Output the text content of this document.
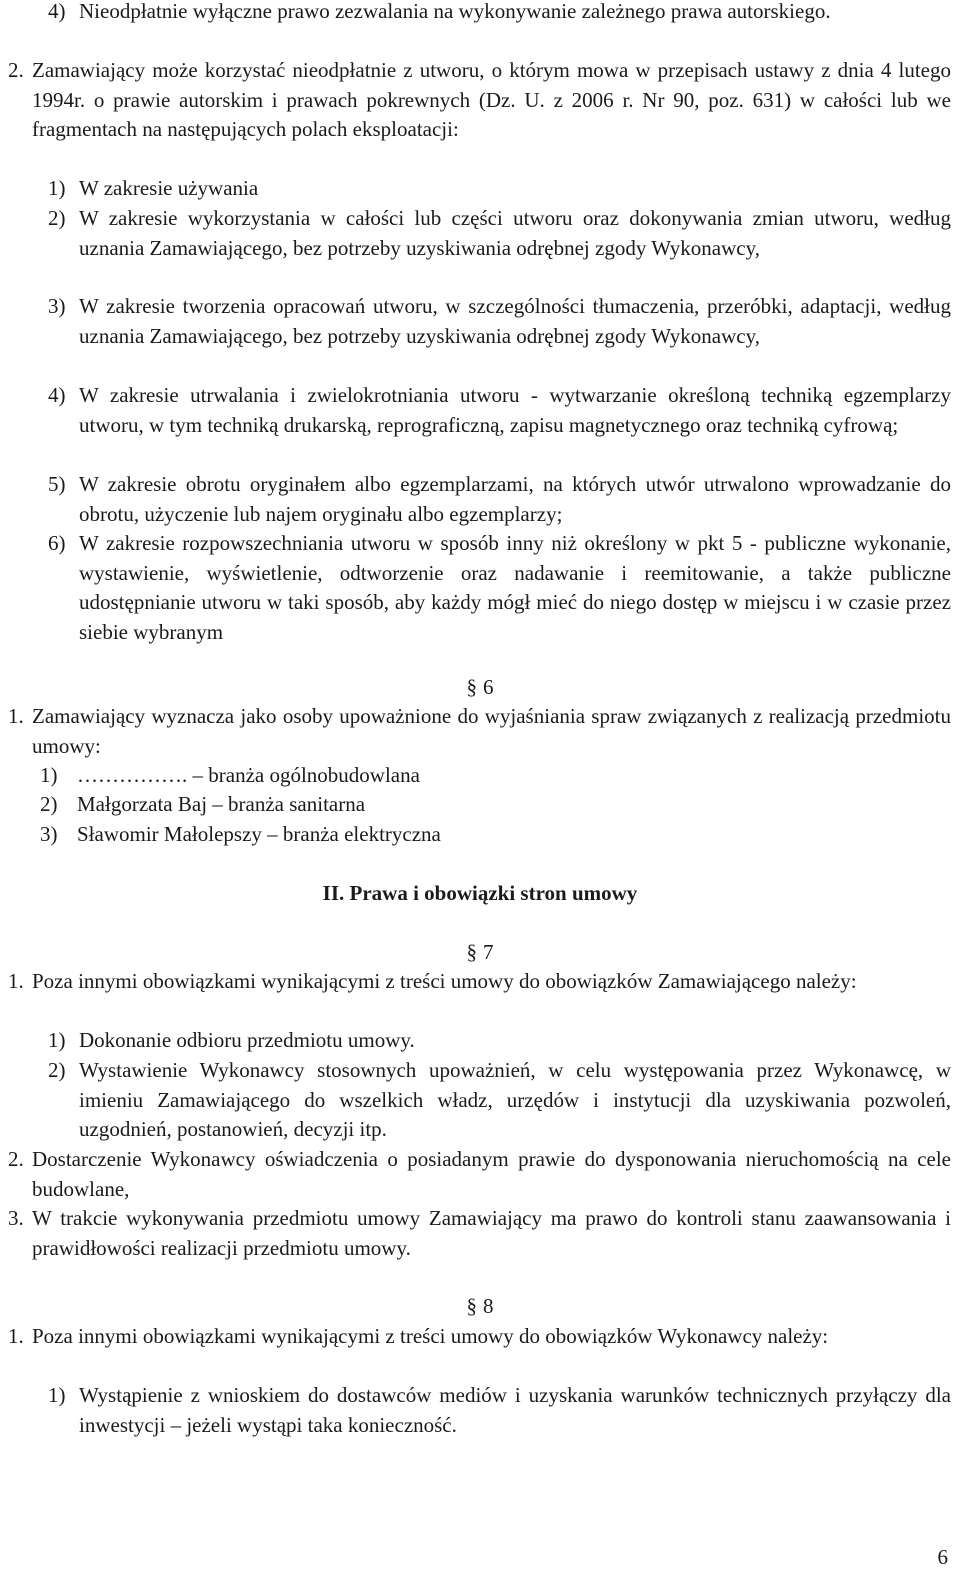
4) Nieodpłatnie wyłączne prawo zezwalania na wykonywanie zależnego prawa autorskiego.
2. Zamawiający może korzystać nieodpłatnie z utworu, o którym mowa w przepisach ustawy z dnia 4 lutego 1994r. o prawie autorskim i prawach pokrewnych (Dz. U. z 2006 r. Nr 90, poz. 631) w całości lub we fragmentach na następujących polach eksploatacji:
1) W zakresie używania
2) W zakresie wykorzystania w całości lub części utworu oraz dokonywania zmian utworu, według uznania Zamawiającego, bez potrzeby uzyskiwania odrębnej zgody Wykonawcy,
3) W zakresie tworzenia opracowań utworu, w szczególności tłumaczenia, przeróbki, adaptacji, według uznania Zamawiającego, bez potrzeby uzyskiwania odrębnej zgody Wykonawcy,
4) W zakresie utrwalania i zwielokrotniania utworu - wytwarzanie określoną techniką egzemplarzy utworu, w tym techniką drukarską, reprograficzną, zapisu magnetycznego oraz techniką cyfrową;
5) W zakresie obrotu oryginałem albo egzemplarzami, na których utwór utrwalono wprowadzanie do obrotu, użyczenie lub najem oryginału albo egzemplarzy;
6) W zakresie rozpowszechniania utworu w sposób inny niż określony w pkt 5 - publiczne wykonanie, wystawienie, wyświetlenie, odtworzenie oraz nadawanie i reemitowanie, a także publiczne udostępnianie utworu w taki sposób, aby każdy mógł mieć do niego dostęp w miejscu i w czasie przez siebie wybranym
§ 6
1. Zamawiający wyznacza jako osoby upoważnione do wyjaśniania spraw związanych z realizacją przedmiotu umowy:
1) ……………. – branża ogólnobudowlana
2) Małgorzata Baj – branża sanitarna
3) Sławomir Małolepszy – branża elektryczna
II. Prawa i obowiązki stron umowy
§ 7
1. Poza innymi obowiązkami wynikającymi z treści umowy do obowiązków Zamawiającego należy:
1) Dokonanie odbioru przedmiotu umowy.
2) Wystawienie Wykonawcy stosownych upoważnień, w celu występowania przez Wykonawcę, w imieniu Zamawiającego do wszelkich władz, urzędów i instytucji dla uzyskiwania pozwoleń, uzgodnień, postanowień, decyzji itp.
2. Dostarczenie Wykonawcy oświadczenia o posiadanym prawie do dysponowania nieruchomością na cele budowlane,
3. W trakcie wykonywania przedmiotu umowy Zamawiający ma prawo do kontroli stanu zaawansowania i prawidłowości realizacji przedmiotu umowy.
§ 8
1. Poza innymi obowiązkami wynikającymi z treści umowy do obowiązków Wykonawcy należy:
1) Wystąpienie z wnioskiem do dostawców mediów i uzyskania warunków technicznych przyłączy dla inwestycji – jeżeli wystąpi taka konieczność.
6
